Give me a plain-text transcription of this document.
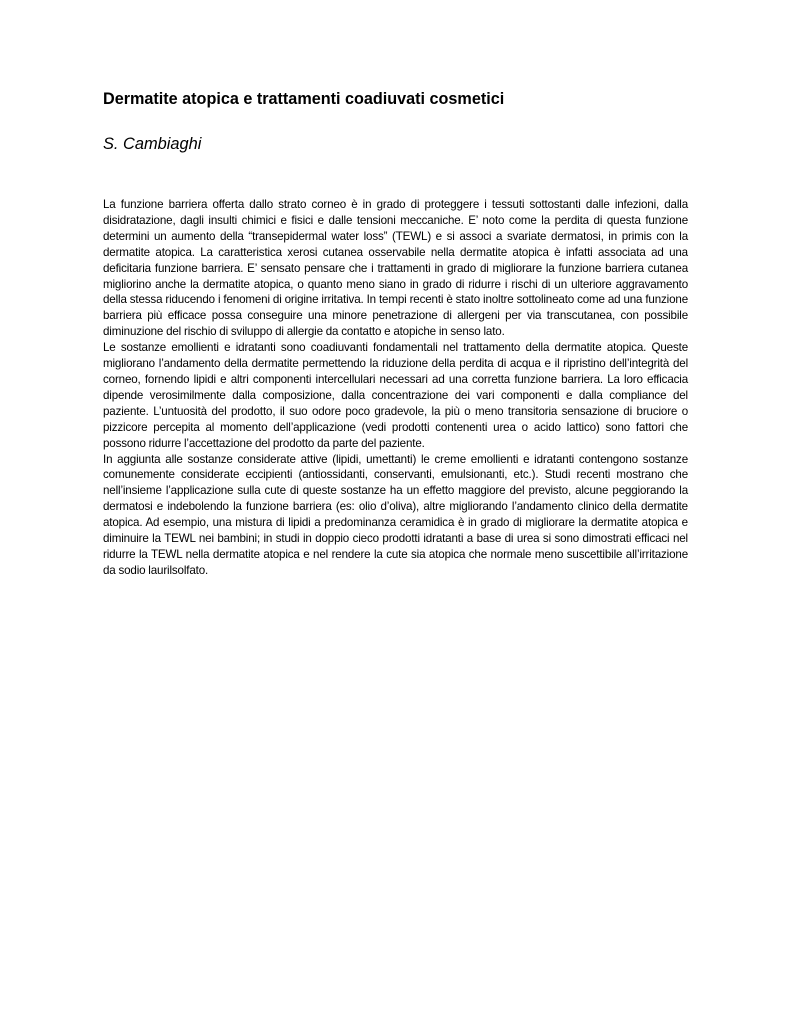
Dermatite atopica e trattamenti coadiuvati cosmetici

S. Cambiaghi

La funzione barriera offerta dallo strato corneo è in grado di proteggere i tessuti sottostanti dalle infezioni, dalla disidratazione, dagli insulti chimici e fisici e dalle tensioni meccaniche. E’ noto come la perdita di questa funzione determini un aumento della “transepidermal water loss” (TEWL) e si associ a svariate dermatosi, in primis con la dermatite atopica. La caratteristica xerosi cutanea osservabile nella dermatite atopica è infatti associata ad una deficitaria funzione barriera. E’ sensato pensare che i trattamenti in grado di migliorare la funzione barriera cutanea migliorino anche la dermatite atopica, o quanto meno siano in grado di ridurre i rischi di un ulteriore aggravamento della stessa riducendo i fenomeni di origine irritativa. In tempi recenti è stato inoltre sottolineato come ad una funzione barriera più efficace possa conseguire una minore penetrazione di allergeni per via transcutanea, con possibile diminuzione del rischio di sviluppo di allergie da contatto e atopiche in senso lato.

Le sostanze emollienti e idratanti sono coadiuvanti fondamentali nel trattamento della dermatite atopica. Queste migliorano l’andamento della dermatite permettendo la riduzione della perdita di acqua e il ripristino dell’integrità del corneo, fornendo lipidi e altri componenti intercellulari necessari ad una corretta funzione barriera. La loro efficacia dipende verosimilmente dalla composizione, dalla concentrazione dei vari componenti e dalla compliance del paziente. L’untuosità del prodotto, il suo odore poco gradevole, la più o meno transitoria sensazione di bruciore o pizzicore percepita al momento dell’applicazione (vedi prodotti contenenti urea o acido lattico) sono fattori che possono ridurre l’accettazione del prodotto da parte del paziente.

In aggiunta alle sostanze considerate attive (lipidi, umettanti) le creme emollienti e idratanti contengono sostanze comunemente considerate eccipienti (antiossidanti, conservanti, emulsionanti, etc.). Studi recenti mostrano che nell’insieme l’applicazione sulla cute di queste sostanze ha un effetto maggiore del previsto, alcune peggiorando la dermatosi e indebolendo la funzione barriera (es: olio d’oliva), altre migliorando l’andamento clinico della dermatite atopica. Ad esempio, una mistura di lipidi a predominanza ceramidica è in grado di migliorare la dermatite atopica e diminuire la TEWL nei bambini; in studi in doppio cieco prodotti idratanti a base di urea si sono dimostrati efficaci nel ridurre la TEWL nella dermatite atopica e nel rendere la cute sia atopica che normale meno suscettibile all’irritazione da sodio laurilsolfato.
